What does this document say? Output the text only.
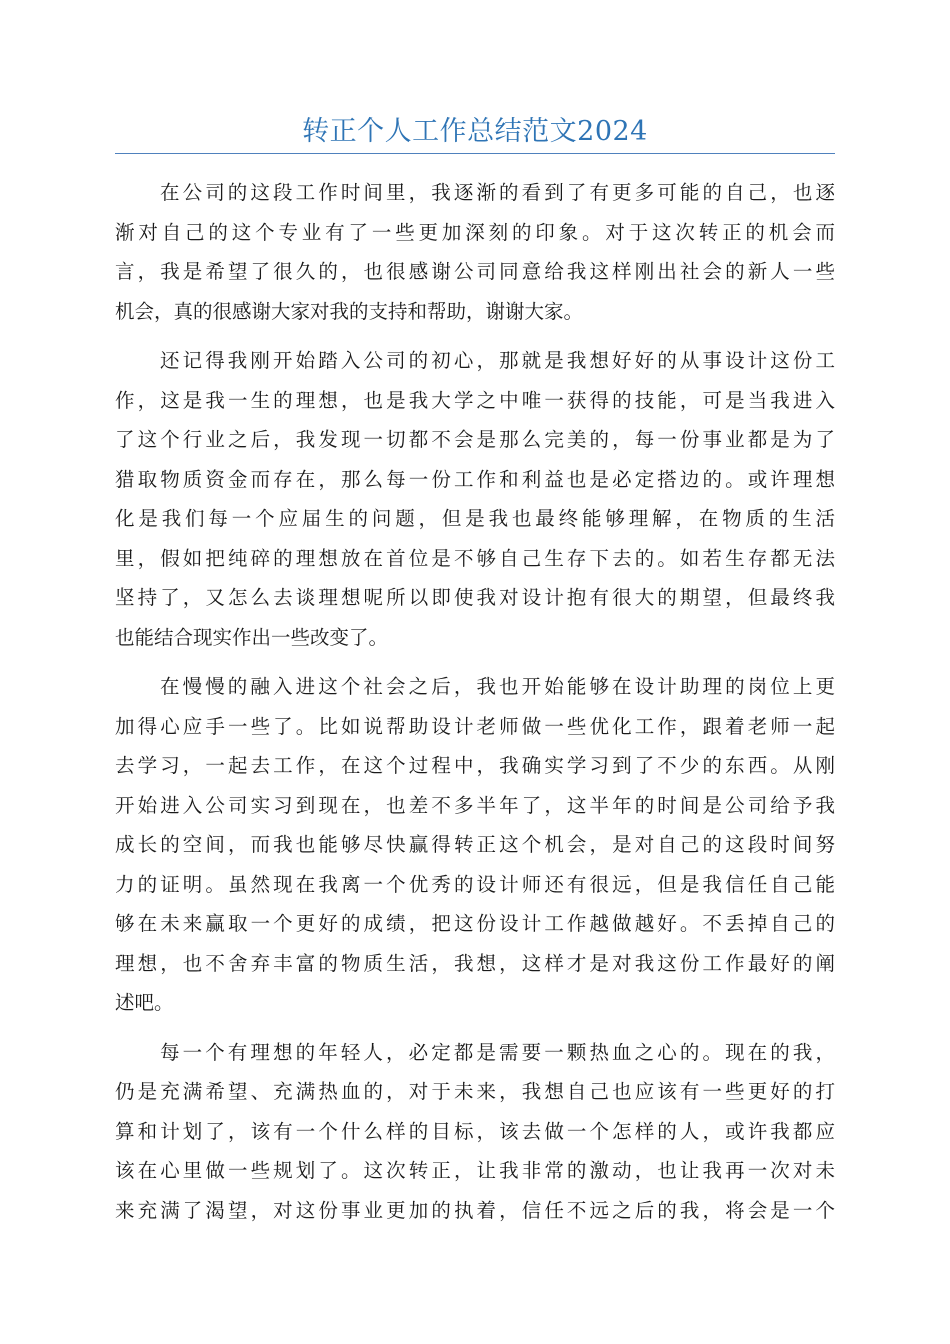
转正个人工作总结范文2024

在公司的这段工作时间里，我逐渐的看到了有更多可能的自己，也逐
渐对自己的这个专业有了一些更加深刻的印象。对于这次转正的机会而
言，我是希望了很久的，也很感谢公司同意给我这样刚出社会的新人一些
机会，真的很感谢大家对我的支持和帮助，谢谢大家。

还记得我刚开始踏入公司的初心，那就是我想好好的从事设计这份工
作，这是我一生的理想，也是我大学之中唯一获得的技能，可是当我进入
了这个行业之后，我发现一切都不会是那么完美的，每一份事业都是为了
猎取物质资金而存在，那么每一份工作和利益也是必定搭边的。或许理想
化是我们每一个应届生的问题，但是我也最终能够理解，在物质的生活
里，假如把纯碎的理想放在首位是不够自己生存下去的。如若生存都无法
坚持了，又怎么去谈理想呢所以即使我对设计抱有很大的期望，但最终我
也能结合现实作出一些改变了。

在慢慢的融入进这个社会之后，我也开始能够在设计助理的岗位上更
加得心应手一些了。比如说帮助设计老师做一些优化工作，跟着老师一起
去学习，一起去工作，在这个过程中，我确实学习到了不少的东西。从刚
开始进入公司实习到现在，也差不多半年了，这半年的时间是公司给予我
成长的空间，而我也能够尽快赢得转正这个机会，是对自己的这段时间努
力的证明。虽然现在我离一个优秀的设计师还有很远，但是我信任自己能
够在未来赢取一个更好的成绩，把这份设计工作越做越好。不丢掉自己的
理想，也不舍弃丰富的物质生活，我想，这样才是对我这份工作最好的阐
述吧。

每一个有理想的年轻人，必定都是需要一颗热血之心的。现在的我，
仍是充满希望、充满热血的，对于未来，我想自己也应该有一些更好的打
算和计划了，该有一个什么样的目标，该去做一个怎样的人，或许我都应
该在心里做一些规划了。这次转正，让我非常的激动，也让我再一次对未
来充满了渴望，对这份事业更加的执着，信任不远之后的我，将会是一个
